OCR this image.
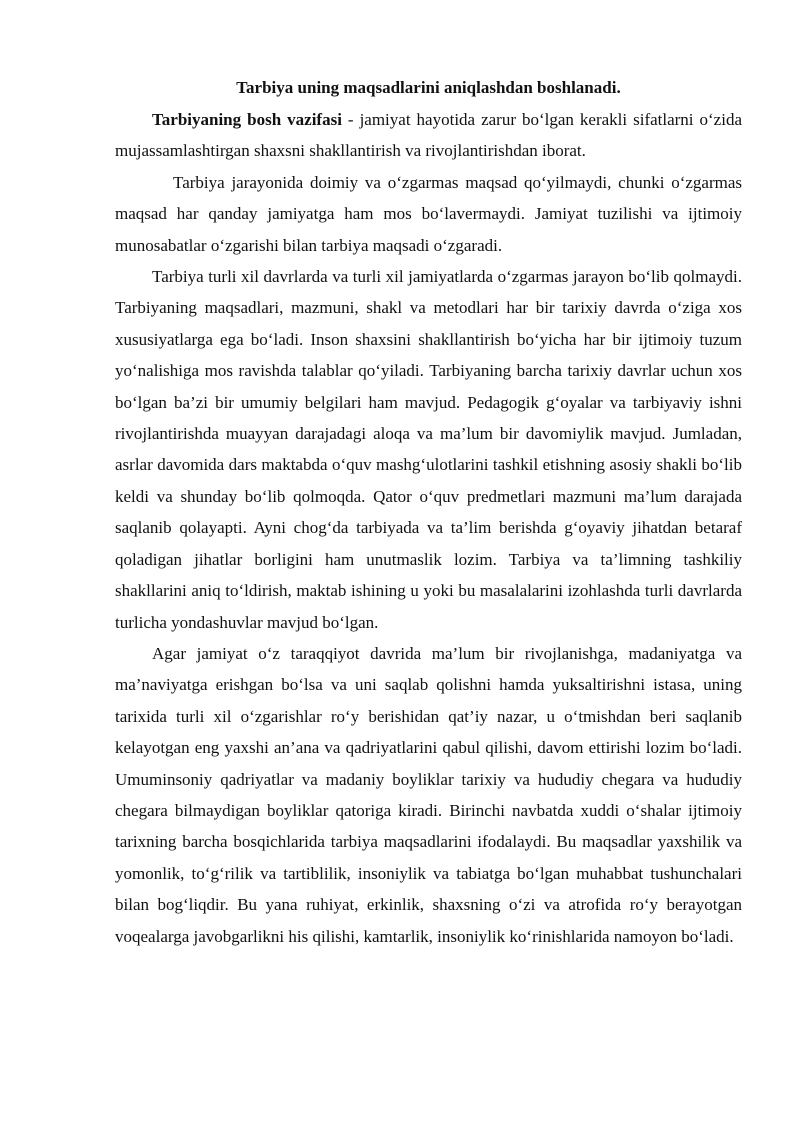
Tarbiya uning maqsadlarini aniqlashdan boshlanadi.

Tarbiyaning bosh vazifasi - jamiyat hayotida zarur bo‘lgan kerakli sifatlarni o‘zida mujassamlashtirgan shaxsni shakllantirish va rivojlantirishdan iborat.

Tarbiya jarayonida doimiy va o‘zgarmas maqsad qo‘yilmaydi, chunki o‘zgarmas maqsad har qanday jamiyatga ham mos bo‘lavermaydi. Jamiyat tuzilishi va ijtimoiy munosabatlar o‘zgarishi bilan tarbiya maqsadi o‘zgaradi.

Tarbiya turli xil davrlarda va turli xil jamiyatlarda o‘zgarmas jarayon bo‘lib qolmaydi. Tarbiyaning maqsadlari, mazmuni, shakl va metodlari har bir tarixiy davrda o‘ziga xos xususiyatlarga ega bo‘ladi. Inson shaxsini shakllantirish bo‘yicha har bir ijtimoiy tuzum yo‘nalishiga mos ravishda talablar qo‘yiladi. Tarbiyaning barcha tarixiy davrlar uchun xos bo‘lgan ba’zi bir umumiy belgilari ham mavjud. Pedagogik g‘oyalar va tarbiyaviy ishni rivojlantirishda muayyan darajadagi aloqa va ma’lum bir davomiylik mavjud. Jumladan, asrlar davomida dars maktabda o‘quv mashg‘ulotlarini tashkil etishning asosiy shakli bo‘lib keldi va shunday bo‘lib qolmoqda. Qator o‘quv predmetlari mazmuni ma’lum darajada saqlanib qolayapti. Ayni chog‘da tarbiyada va ta’lim berishda g‘oyaviy jihatdan betaraf qoladigan jihatlar borligini ham unutmaslik lozim. Tarbiya va ta’limning tashkiliy shakllarini aniq to‘ldirish, maktab ishining u yoki bu masalalarini izohlashda turli davrlarda turlicha yondashuvlar mavjud bo‘lgan.

Agar jamiyat o‘z taraqqiyot davrida ma’lum bir rivojlanishga, madaniyatga va ma’naviyatga erishgan bo‘lsa va uni saqlab qolishni hamda yuksaltirishni istasa, uning tarixida turli xil o‘zgarishlar ro‘y berishidan qat’iy nazar, u o‘tmishdan beri saqlanib kelayotgan eng yaxshi an’ana va qadriyatlarini qabul qilishi, davom ettirishi lozim bo‘ladi. Umuminsoniy qadriyatlar va madaniy boyliklar tarixiy va hududiy chegara va hududiy chegara bilmaydigan boyliklar qatoriga kiradi. Birinchi navbatda xuddi o‘shalar ijtimoiy tarixning barcha bosqichlarida tarbiya maqsadlarini ifodalaydi. Bu maqsadlar yaxshilik va yomonlik, to‘g‘rilik va tartiblilik, insoniylik va tabiatga bo‘lgan muhabbat tushunchalari bilan bog‘liqdir. Bu yana ruhiyat, erkinlik, shaxsning o‘zi va atrofida ro‘y berayotgan voqealarga javobgarlikni his qilishi, kamtarlik, insoniylik ko‘rinishlarida namoyon bo‘ladi.
